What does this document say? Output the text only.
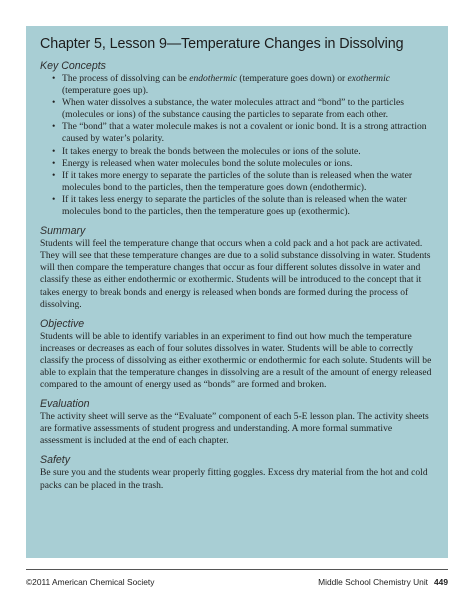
Chapter 5, Lesson 9—Temperature Changes in Dissolving

Key Concepts

• The process of dissolving can be endothermic (temperature goes down) or exothermic (temperature goes up).
• When water dissolves a substance, the water molecules attract and “bond” to the particles (molecules or ions) of the substance causing the particles to separate from each other.
• The “bond” that a water molecule makes is not a covalent or ionic bond. It is a strong attraction caused by water’s polarity.
• It takes energy to break the bonds between the molecules or ions of the solute.
• Energy is released when water molecules bond the solute molecules or ions.
• If it takes more energy to separate the particles of the solute than is released when the water molecules bond to the particles, then the temperature goes down (endothermic).
• If it takes less energy to separate the particles of the solute than is released when the water molecules bond to the particles, then the temperature goes up (exothermic).

Summary

Students will feel the temperature change that occurs when a cold pack and a hot pack are activated. They will see that these temperature changes are due to a solid substance dissolving in water. Students will then compare the temperature changes that occur as four different solutes dissolve in water and classify these as either endothermic or exothermic. Students will be introduced to the concept that it takes energy to break bonds and energy is released when bonds are formed during the process of dissolving.

Objective

Students will be able to identify variables in an experiment to find out how much the temperature increases or decreases as each of four solutes dissolves in water. Students will be able to correctly classify the process of dissolving as either exothermic or endothermic for each solute. Students will be able to explain that the temperature changes in dissolving are a result of the amount of energy released compared to the amount of energy used as “bonds” are formed and broken.

Evaluation

The activity sheet will serve as the “Evaluate” component of each 5-E lesson plan. The activity sheets are formative assessments of student progress and understanding. A more formal summative assessment is included at the end of each chapter.

Safety

Be sure you and the students wear properly fitting goggles. Excess dry material from the hot and cold packs can be placed in the trash.

©2011 American Chemical Society	Middle School Chemistry Unit 449
